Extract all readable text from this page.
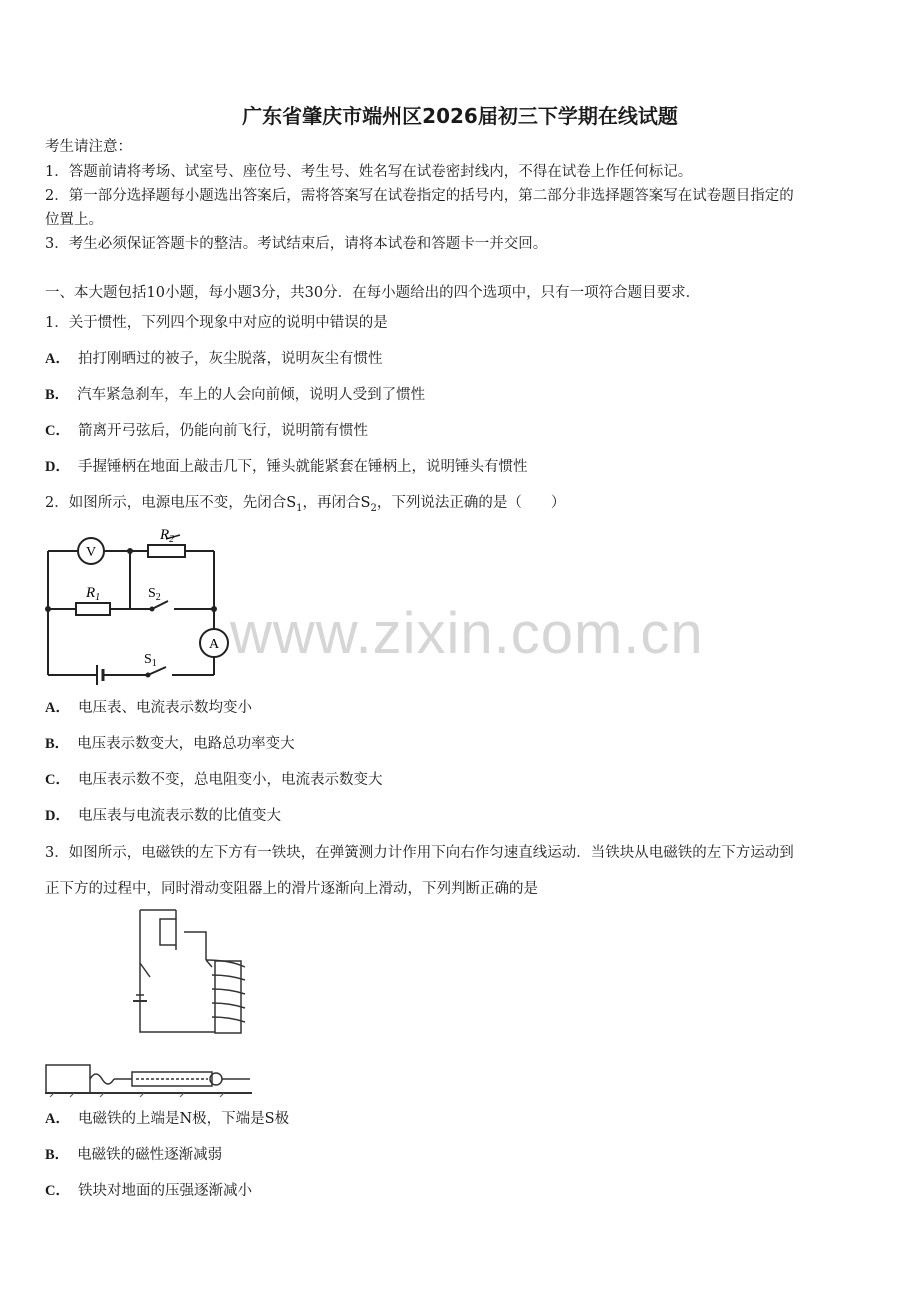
广东省肇庆市端州区2026届初三下学期在线试题
考生请注意：
1．答题前请将考场、试室号、座位号、考生号、姓名写在试卷密封线内，不得在试卷上作任何标记。
2．第一部分选择题每小题选出答案后，需将答案写在试卷指定的括号内，第二部分非选择题答案写在试卷题目指定的
位置上。
3．考生必须保证答题卡的整洁。考试结束后，请将本试卷和答题卡一并交回。
一、本大题包括10小题，每小题3分，共30分．在每小题给出的四个选项中，只有一项符合题目要求．
1．关于惯性，下列四个现象中对应的说明中错误的是
A． 拍打刚晒过的被子，灰尘脱落，说明灰尘有惯性
B． 汽车紧急刹车，车上的人会向前倾，说明人受到了惯性
C． 箭离开弓弦后，仍能向前飞行，说明箭有惯性
D． 手握锤柄在地面上敲击几下，锤头就能紧套在锤柄上，说明锤头有惯性
2．如图所示，电源电压不变，先闭合$S_1$，再闭合$S_2$，下列说法正确的是（　　）
V
A
$R_2$
$R_1$	$S_2$
$S_1$ www.zixin.com.cn
A． 电压表、电流表示数均变小
B． 电压表示数变大，电路总功率变大
C． 电压表示数不变，总电阻变小，电流表示数变大
D． 电压表与电流表示数的比值变大
3．如图所示，电磁铁的左下方有一铁块，在弹簧测力计作用下向右作匀速直线运动．当铁块从电磁铁的左下方运动到
正下方的过程中，同时滑动变阻器上的滑片逐渐向上滑动，下列判断正确的是
A． 电磁铁的上端是N极，下端是S极
B． 电磁铁的磁性逐渐减弱
C． 铁块对地面的压强逐渐减小
